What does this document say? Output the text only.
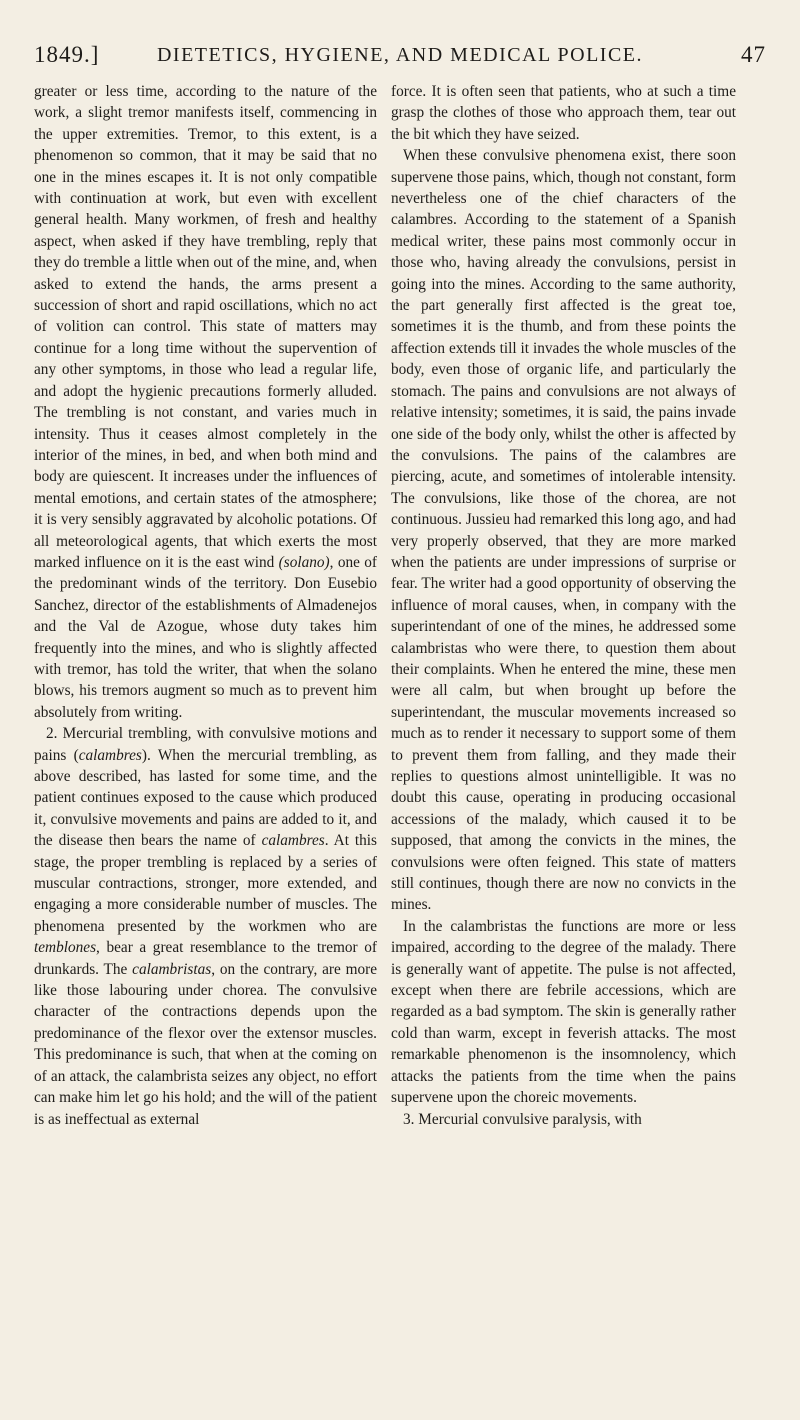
1849.]	DIETETICS, HYGIENE, AND MEDICAL POLICE.	47

greater or less time, according to the nature of the work, a slight tremor manifests itself, commencing in the upper extremities. Tremor, to this extent, is a phenomenon so common, that it may be said that no one in the mines escapes it. It is not only compatible with continuation at work, but even with excellent general health. Many workmen, of fresh and healthy aspect, when asked if they have trembling, reply that they do tremble a little when out of the mine, and, when asked to extend the hands, the arms present a succession of short and rapid oscillations, which no act of volition can control. This state of matters may continue for a long time without the supervention of any other symptoms, in those who lead a regular life, and adopt the hygienic precautions formerly alluded. The trembling is not constant, and varies much in intensity. Thus it ceases almost completely in the interior of the mines, in bed, and when both mind and body are quiescent. It increases under the influences of mental emotions, and certain states of the atmosphere; it is very sensibly aggravated by alcoholic potations. Of all meteorological agents, that which exerts the most marked influence on it is the east wind (solano), one of the predominant winds of the territory. Don Eusebio Sanchez, director of the establishments of Almadenejos and the Val de Azogue, whose duty takes him frequently into the mines, and who is slightly affected with tremor, has told the writer, that when the solano blows, his tremors augment so much as to prevent him absolutely from writing.

2. Mercurial trembling, with convulsive motions and pains (calambres). When the mercurial trembling, as above described, has lasted for some time, and the patient continues exposed to the cause which produced it, convulsive movements and pains are added to it, and the disease then bears the name of calambres. At this stage, the proper trembling is replaced by a series of muscular contractions, stronger, more extended, and engaging a more considerable number of muscles. The phenomena presented by the workmen who are temblones, bear a great resemblance to the tremor of drunkards. The calambristas, on the contrary, are more like those labouring under chorea. The convulsive character of the contractions depends upon the predominance of the flexor over the extensor muscles. This predominance is such, that when at the coming on of an attack, the calambrista seizes any object, no effort can make him let go his hold; and the will of the patient is as ineffectual as external

force. It is often seen that patients, who at such a time grasp the clothes of those who approach them, tear out the bit which they have seized.

When these convulsive phenomena exist, there soon supervene those pains, which, though not constant, form nevertheless one of the chief characters of the calambres. According to the statement of a Spanish medical writer, these pains most commonly occur in those who, having already the convulsions, persist in going into the mines. According to the same authority, the part generally first affected is the great toe, sometimes it is the thumb, and from these points the affection extends till it invades the whole muscles of the body, even those of organic life, and particularly the stomach. The pains and convulsions are not always of relative intensity; sometimes, it is said, the pains invade one side of the body only, whilst the other is affected by the convulsions. The pains of the calambres are piercing, acute, and sometimes of intolerable intensity. The convulsions, like those of the chorea, are not continuous. Jussieu had remarked this long ago, and had very properly observed, that they are more marked when the patients are under impressions of surprise or fear. The writer had a good opportunity of observing the influence of moral causes, when, in company with the superintendant of one of the mines, he addressed some calambristas who were there, to question them about their complaints. When he entered the mine, these men were all calm, but when brought up before the superintendant, the muscular movements increased so much as to render it necessary to support some of them to prevent them from falling, and they made their replies to questions almost unintelligible. It was no doubt this cause, operating in producing occasional accessions of the malady, which caused it to be supposed, that among the convicts in the mines, the convulsions were often feigned. This state of matters still continues, though there are now no convicts in the mines.

In the calambristas the functions are more or less impaired, according to the degree of the malady. There is generally want of appetite. The pulse is not affected, except when there are febrile accessions, which are regarded as a bad symptom. The skin is generally rather cold than warm, except in feverish attacks. The most remarkable phenomenon is the insomnolency, which attacks the patients from the time when the pains supervene upon the choreic movements.

3. Mercurial convulsive paralysis, with
